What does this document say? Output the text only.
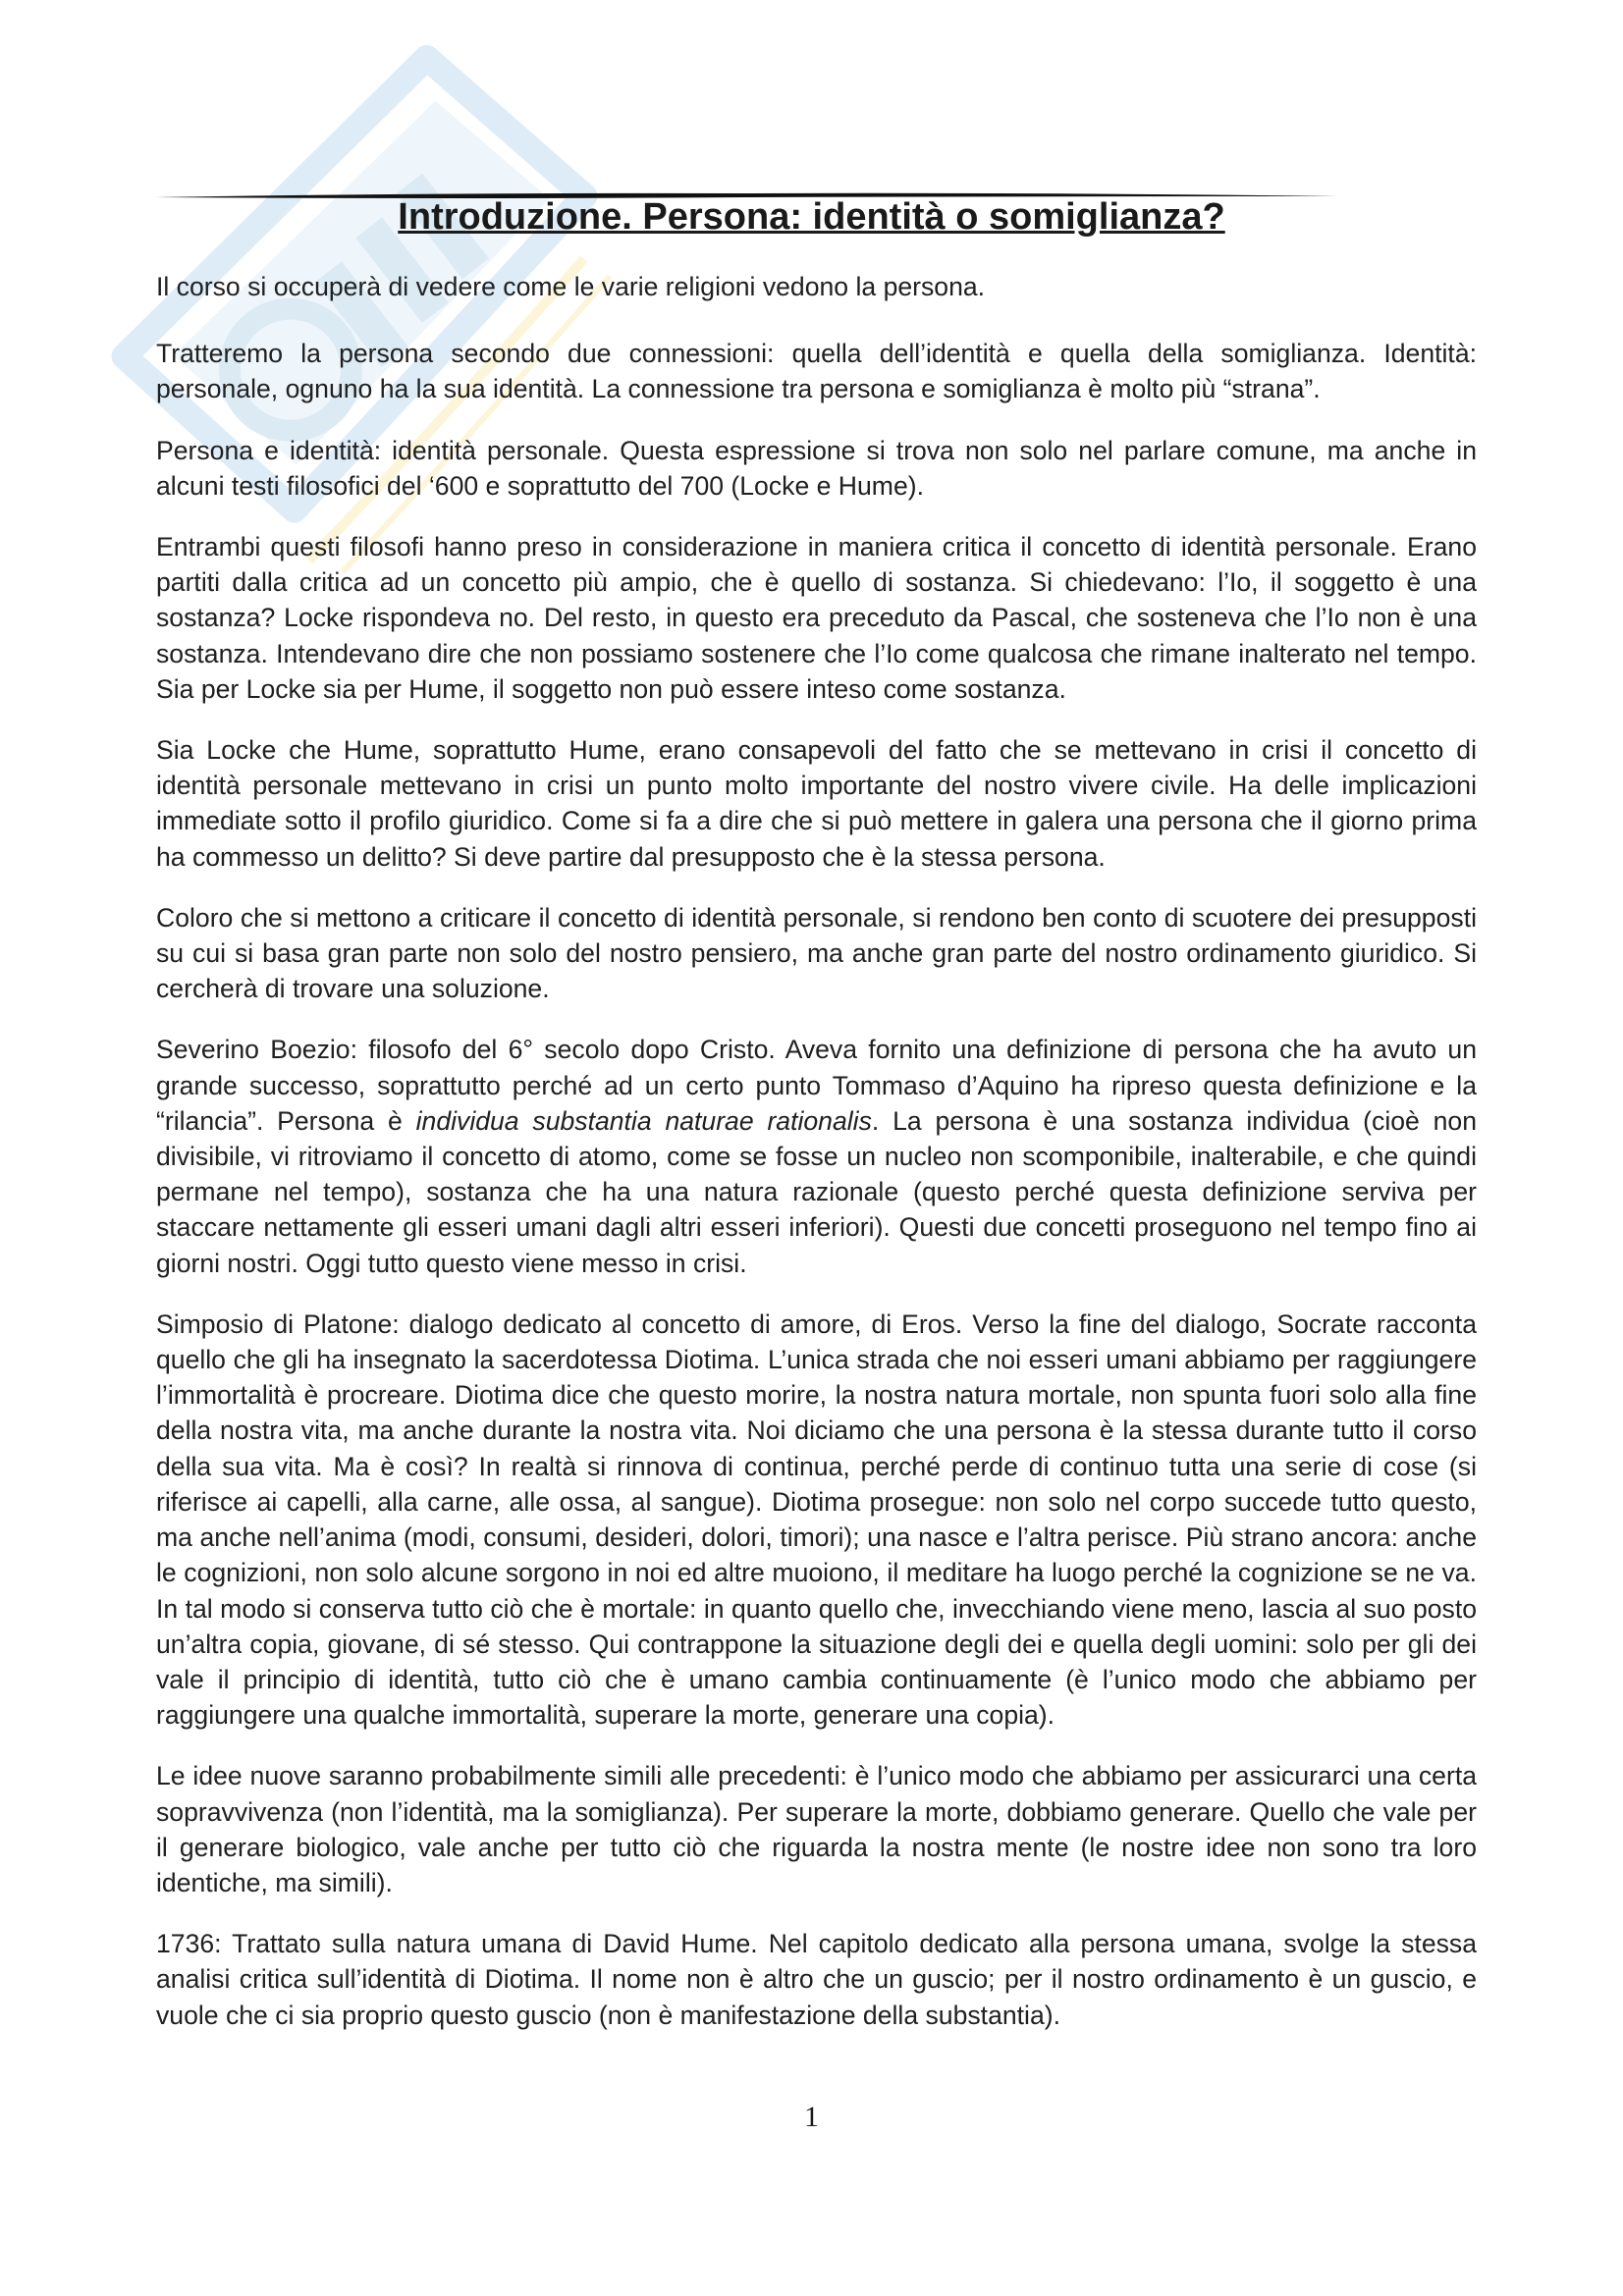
Introduzione. Persona: identità o somiglianza?

Il corso si occuperà di vedere come le varie religioni vedono la persona.

Tratteremo la persona secondo due connessioni: quella dell’identità e quella della somiglianza. Identità: personale, ognuno ha la sua identità. La connessione tra persona e somiglianza è molto più “strana”.

Persona e identità: identità personale. Questa espressione si trova non solo nel parlare comune, ma anche in alcuni testi filosofici del ‘600 e soprattutto del 700 (Locke e Hume).

Entrambi questi filosofi hanno preso in considerazione in maniera critica il concetto di identità personale. Erano partiti dalla critica ad un concetto più ampio, che è quello di sostanza. Si chiedevano: l’Io, il soggetto è una sostanza? Locke rispondeva no. Del resto, in questo era preceduto da Pascal, che sosteneva che l’Io non è una sostanza. Intendevano dire che non possiamo sostenere che l’Io come qualcosa che rimane inalterato nel tempo. Sia per Locke sia per Hume, il soggetto non può essere inteso come sostanza.

Sia Locke che Hume, soprattutto Hume, erano consapevoli del fatto che se mettevano in crisi il concetto di identità personale mettevano in crisi un punto molto importante del nostro vivere civile. Ha delle implicazioni immediate sotto il profilo giuridico. Come si fa a dire che si può mettere in galera una persona che il giorno prima ha commesso un delitto? Si deve partire dal presupposto che è la stessa persona.

Coloro che si mettono a criticare il concetto di identità personale, si rendono ben conto di scuotere dei presupposti su cui si basa gran parte non solo del nostro pensiero, ma anche gran parte del nostro ordinamento giuridico. Si cercherà di trovare una soluzione.

Severino Boezio: filosofo del 6° secolo dopo Cristo. Aveva fornito una definizione di persona che ha avuto un grande successo, soprattutto perché ad un certo punto Tommaso d’Aquino ha ripreso questa definizione e la “rilancia”. Persona è individua substantia naturae rationalis. La persona è una sostanza individua (cioè non divisibile, vi ritroviamo il concetto di atomo, come se fosse un nucleo non scomponibile, inalterabile, e che quindi permane nel tempo), sostanza che ha una natura razionale (questo perché questa definizione serviva per staccare nettamente gli esseri umani dagli altri esseri inferiori). Questi due concetti proseguono nel tempo fino ai giorni nostri. Oggi tutto questo viene messo in crisi.

Simposio di Platone: dialogo dedicato al concetto di amore, di Eros. Verso la fine del dialogo, Socrate racconta quello che gli ha insegnato la sacerdotessa Diotima. L’unica strada che noi esseri umani abbiamo per raggiungere l’immortalità è procreare. Diotima dice che questo morire, la nostra natura mortale, non spunta fuori solo alla fine della nostra vita, ma anche durante la nostra vita. Noi diciamo che una persona è la stessa durante tutto il corso della sua vita. Ma è così? In realtà si rinnova di continua, perché perde di continuo tutta una serie di cose (si riferisce ai capelli, alla carne, alle ossa, al sangue). Diotima prosegue: non solo nel corpo succede tutto questo, ma anche nell’anima (modi, consumi, desideri, dolori, timori); una nasce e l’altra perisce. Più strano ancora: anche le cognizioni, non solo alcune sorgono in noi ed altre muoiono, il meditare ha luogo perché la cognizione se ne va. In tal modo si conserva tutto ciò che è mortale: in quanto quello che, invecchiando viene meno, lascia al suo posto un’altra copia, giovane, di sé stesso. Qui contrappone la situazione degli dei e quella degli uomini: solo per gli dei vale il principio di identità, tutto ciò che è umano cambia continuamente (è l’unico modo che abbiamo per raggiungere una qualche immortalità, superare la morte, generare una copia).

Le idee nuove saranno probabilmente simili alle precedenti: è l’unico modo che abbiamo per assicurarci una certa sopravvivenza (non l’identità, ma la somiglianza). Per superare la morte, dobbiamo generare. Quello che vale per il generare biologico, vale anche per tutto ciò che riguarda la nostra mente (le nostre idee non sono tra loro identiche, ma simili).

1736: Trattato sulla natura umana di David Hume. Nel capitolo dedicato alla persona umana, svolge la stessa analisi critica sull’identità di Diotima. Il nome non è altro che un guscio; per il nostro ordinamento è un guscio, e vuole che ci sia proprio questo guscio (non è manifestazione della substantia).

1
